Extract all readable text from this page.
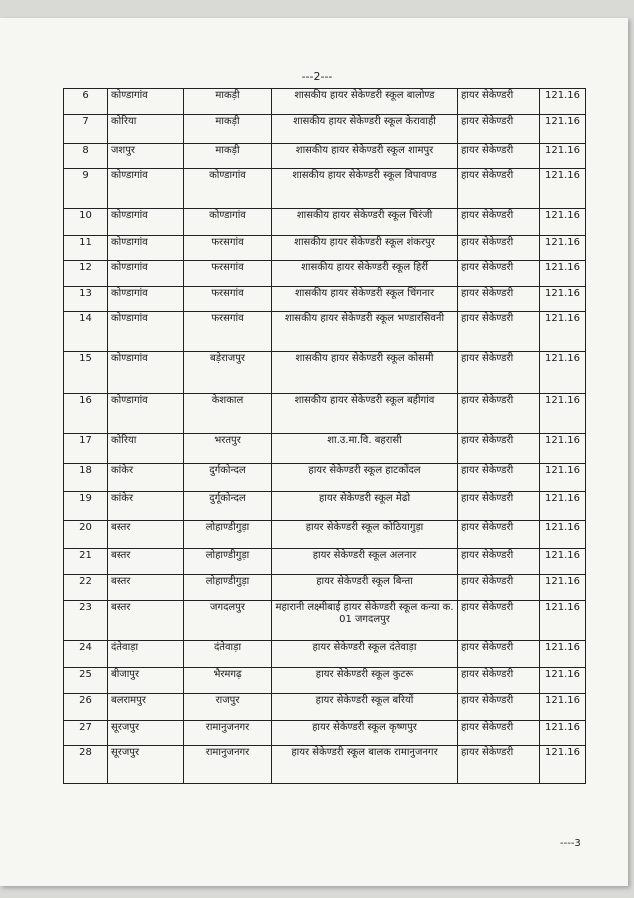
---2---
6	कोण्डागांव	माकड़ी	शासकीय हायर सेकेण्डरी स्कूल बालोण्ड	हायर सेकेण्डरी	121.16
7	कोरिया	माकड़ी	शासकीय हायर सेकेण्डरी स्कूल केरावाही	हायर सेकेण्डरी	121.16
8	जशपुर	माकड़ी	शासकीय हायर सेकेण्डरी स्कूल शामपुर	हायर सेकेण्डरी	121.16
9	कोण्डागांव	कोण्डागांव	शासकीय हायर सेकेण्डरी स्कूल विपावण्ड	हायर सेकेण्डरी	121.16
10	कोण्डागांव	कोण्डागांव	शासकीय हायर सेकेण्डरी स्कूल चिरंजी	हायर सेकेण्डरी	121.16
11	कोण्डागांव	फरसगांव	शासकीय हायर सेकेण्डरी स्कूल शंकरपुर	हायर सेकेण्डरी	121.16
12	कोण्डागांव	फरसगांव	शासकीय हायर सेकेण्डरी स्कूल हिर्री	हायर सेकेण्डरी	121.16
13	कोण्डागांव	फरसगांव	शासकीय हायर सेकेण्डरी स्कूल चिंगनार	हायर सेकेण्डरी	121.16
14	कोण्डागांव	फरसगांव	शासकीय हायर सेकेण्डरी स्कूल भण्डारसिवनी	हायर सेकेण्डरी	121.16
15	कोण्डागांव	बड़ेराजपुर	शासकीय हायर सेकेण्डरी स्कूल कोसमी	हायर सेकेण्डरी	121.16
16	कोण्डागांव	केशकाल	शासकीय हायर सेकेण्डरी स्कूल बहीगांव	हायर सेकेण्डरी	121.16
17	कोरिया	भरतपुर	शा.उ.मा.वि. बहरासी	हायर सेकेण्डरी	121.16
18	कांकेर	दुर्गकोन्दल	हायर सेकेण्डरी स्कूल हाटकोंदल	हायर सेकेण्डरी	121.16
19	कांकेर	दुर्गूकोन्दल	हायर सेकेण्डरी स्कूल मेढो	हायर सेकेण्डरी	121.16
20	बस्तर	लोहाण्डीगुड़ा	हायर सेकेण्डरी स्कूल कोठियागुड़ा	हायर सेकेण्डरी	121.16
21	बस्तर	लोहाण्डीगुड़ा	हायर सेकेण्डरी स्कूल अलनार	हायर सेकेण्डरी	121.16
22	बस्तर	लोहाण्डीगुड़ा	हायर सेकेण्डरी स्कूल बिन्ता	हायर सेकेण्डरी	121.16
23	बस्तर	जगदलपुर	महारानी लक्ष्मीबाई हायर सेकेण्डरी स्कूल कन्या क. 01 जगदलपुर	हायर सेकेण्डरी	121.16
24	दंतेवाड़ा	दंतेवाड़ा	हायर सेकेण्डरी स्कूल दंतेवाड़ा	हायर सेकेण्डरी	121.16
25	बीजापुर	भैरमगढ़	हायर सेकेण्डरी स्कूल कुटरू	हायर सेकेण्डरी	121.16
26	बलरामपुर	राजपुर	हायर सेकेण्डरी स्कूल बरियों	हायर सेकेण्डरी	121.16
27	सूरजपुर	रामानुजनगर	हायर सेकेण्डरी स्कूल कृष्णपुर	हायर सेकेण्डरी	121.16
28	सूरजपुर	रामानुजनगर	हायर सेकेण्डरी स्कूल बालक रामानुजनगर	हायर सेकेण्डरी	121.16
----3
